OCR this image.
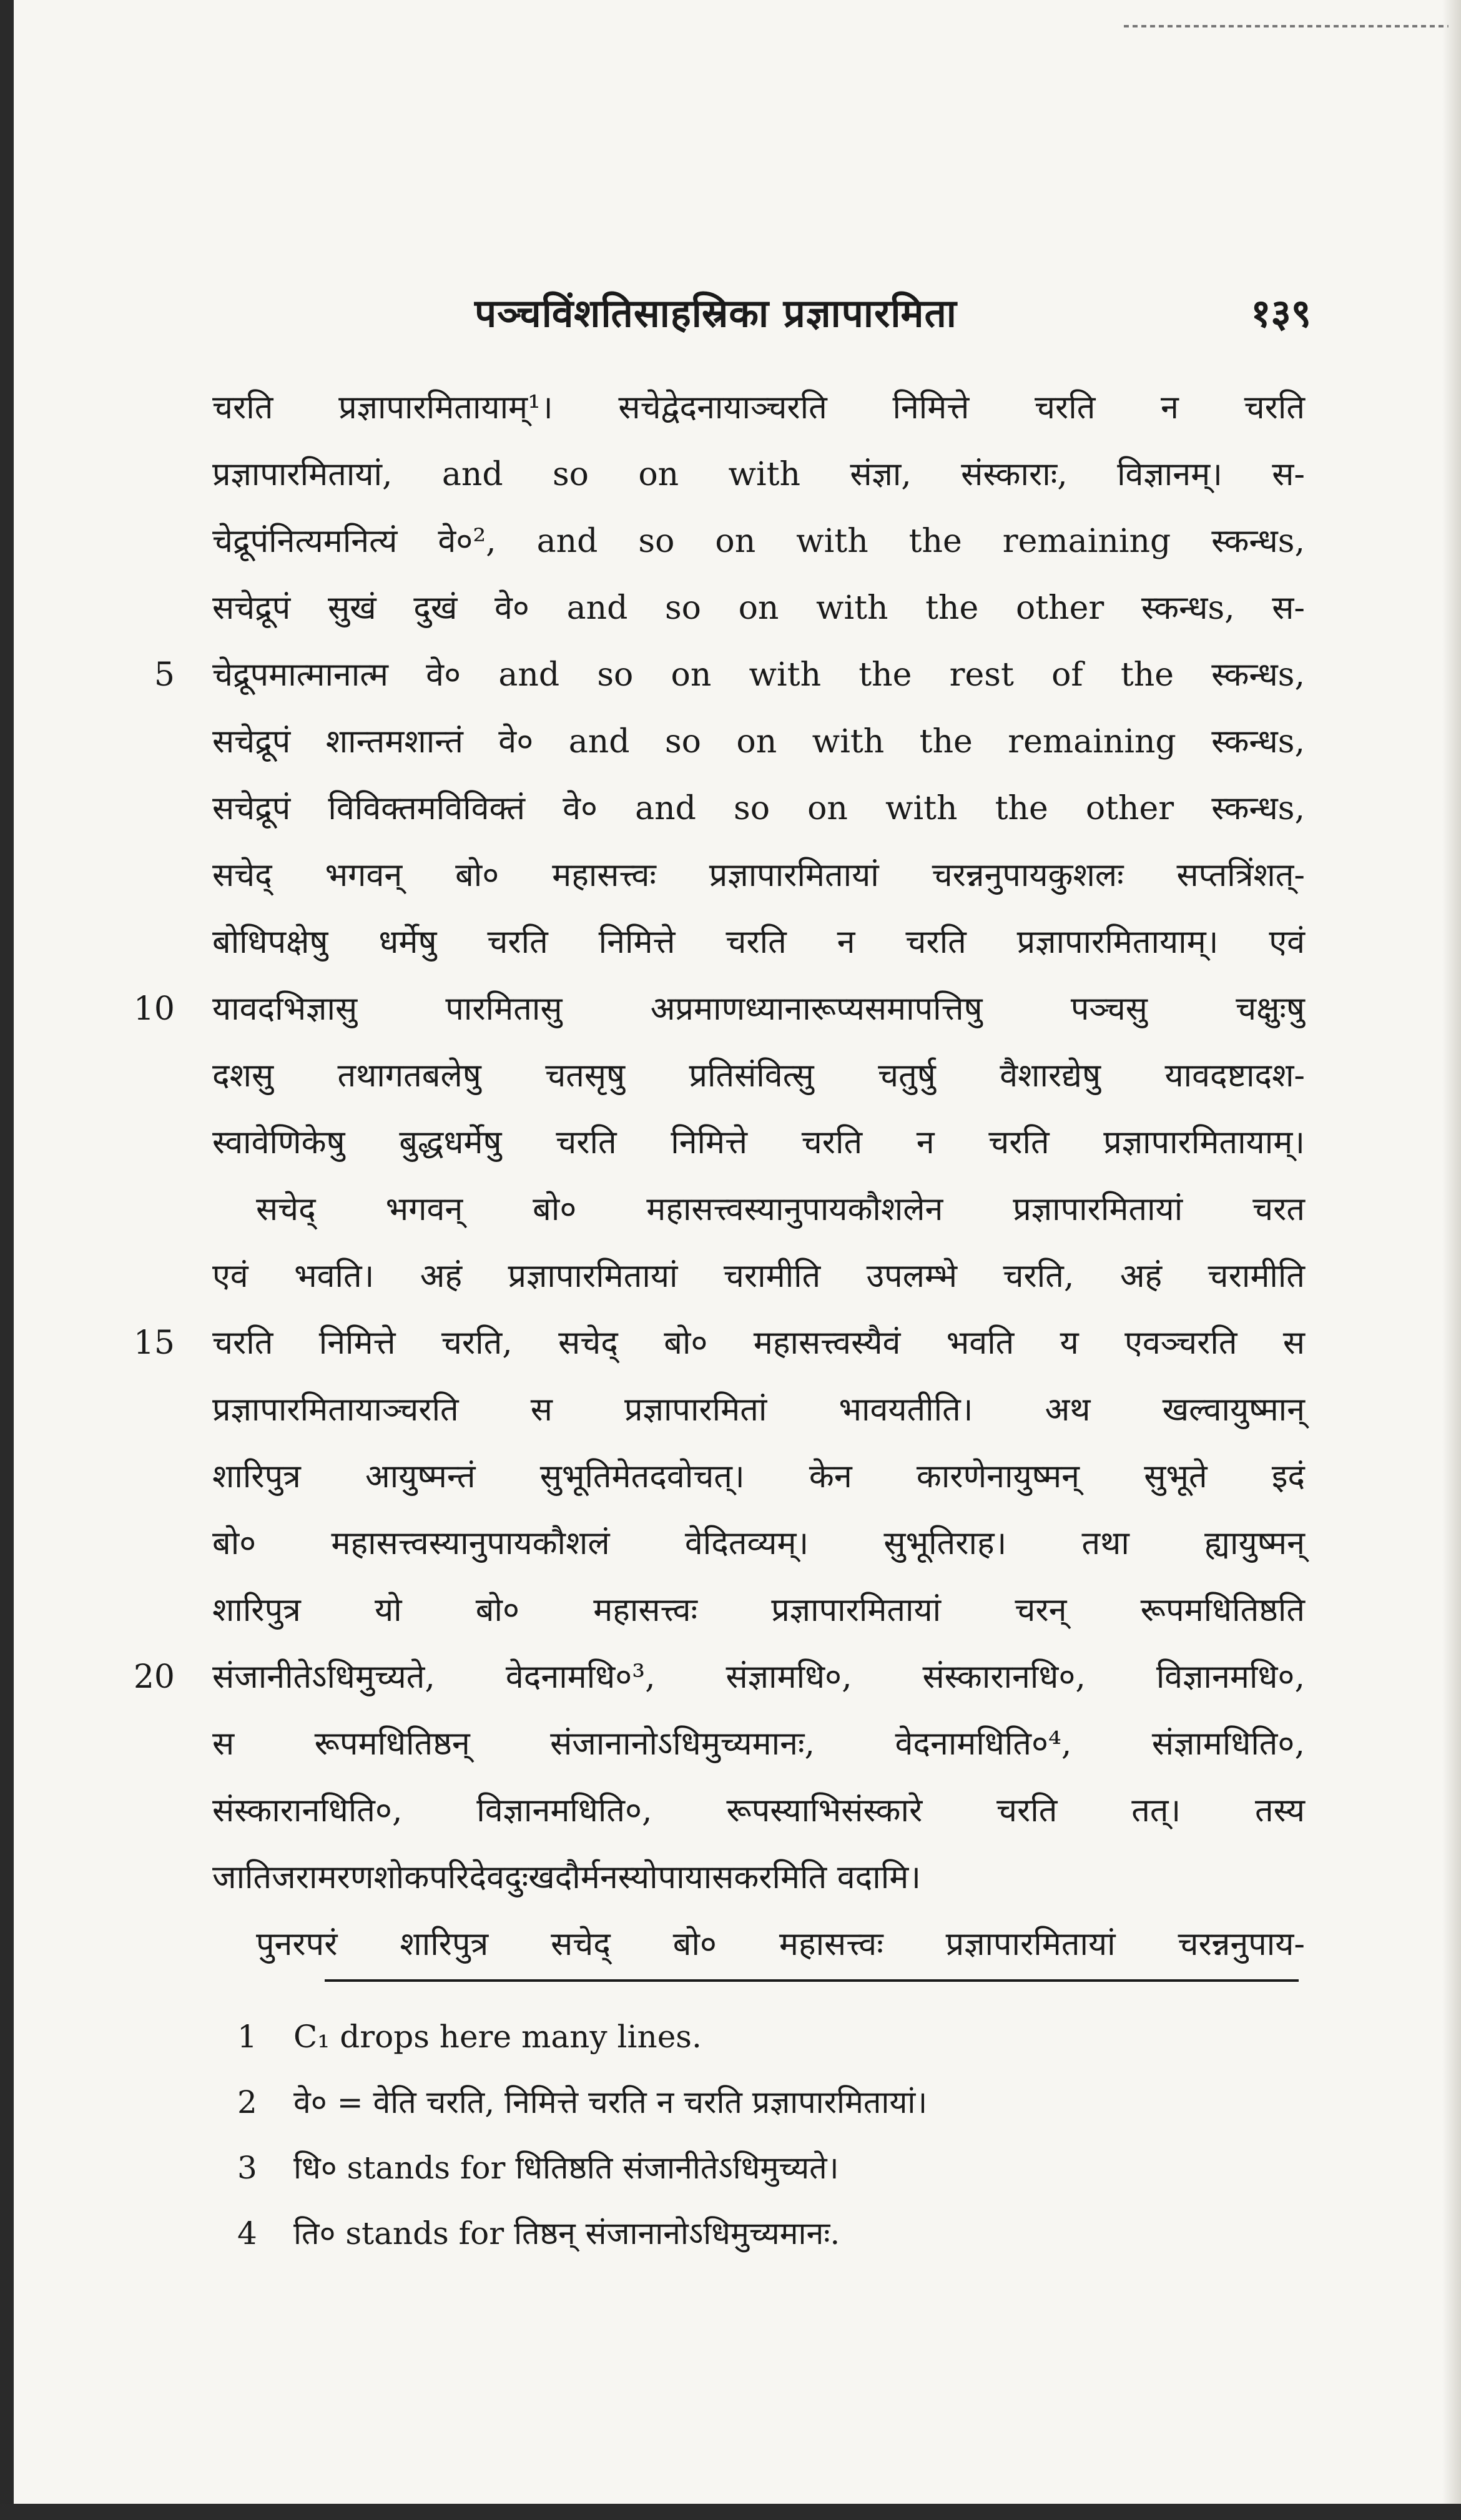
पञ्चविंशतिसाहस्रिका प्रज्ञापारमिता	१३९
चरति प्रज्ञापारमितायाम्¹। सचेद्वेदनायाञ्चरति निमित्ते चरति न चरति
प्रज्ञापारमितायां, and so on with संज्ञा, संस्काराः, विज्ञानम्। स-
चेद्रूपंनित्यमनित्यं वे०², and so on with the remaining स्कन्धs,
सचेद्रूपं सुखं दुखं वे० and so on with the other स्कन्धs, स-
5 चेद्रूपमात्मानात्म वे० and so on with the rest of the स्कन्धs,
सचेद्रूपं शान्तमशान्तं वे० and so on with the remaining स्कन्धs,
सचेद्रूपं विविक्तमविविक्तं वे० and so on with the other स्कन्धs,
सचेद् भगवन् बो० महासत्त्वः प्रज्ञापारमितायां चरन्ननुपायकुशलः सप्तत्रिंशत्-
बोधिपक्षेषु धर्मेषु चरति निमित्ते चरति न चरति प्रज्ञापारमितायाम्। एवं
10 यावदभिज्ञासु पारमितासु अप्रमाणध्यानारूप्यसमापत्तिषु पञ्चसु चक्षुःषु
दशसु तथागतबलेषु चतसृषु प्रतिसंवित्सु चतुर्षु वैशारद्येषु यावदष्टादश-
स्वावेणिकेषु बुद्धधर्मेषु चरति निमित्ते चरति न चरति प्रज्ञापारमितायाम्।
सचेद् भगवन् बो० महासत्त्वस्यानुपायकौशलेन प्रज्ञापारमितायां चरत
एवं भवति। अहं प्रज्ञापारमितायां चरामीति उपलम्भे चरति, अहं चरामीति
15 चरति निमित्ते चरति, सचेद् बो० महासत्त्वस्यैवं भवति य एवञ्चरति स
प्रज्ञापारमितायाञ्चरति स प्रज्ञापारमितां भावयतीति। अथ खल्वायुष्मान्
शारिपुत्र आयुष्मन्तं सुभूतिमेतदवोचत्। केन कारणेनायुष्मन् सुभूते इदं
बो० महासत्त्वस्यानुपायकौशलं वेदितव्यम्। सुभूतिराह। तथा ह्यायुष्मन्
शारिपुत्र यो बो० महासत्त्वः प्रज्ञापारमितायां चरन् रूपमधितिष्ठति
20 संजानीतेऽधिमुच्यते, वेदनामधि०³, संज्ञामधि०, संस्कारानधि०, विज्ञानमधि०,
स रूपमधितिष्ठन् संजानानोऽधिमुच्यमानः, वेदनामधिति०⁴, संज्ञामधिति०,
संस्कारानधिति०, विज्ञानमधिति०, रूपस्याभिसंस्कारे चरति तत्। तस्य
जातिजरामरणशोकपरिदेवदुःखदौर्मनस्योपायासकरमिति वदामि।
पुनरपरं शारिपुत्र सचेद् बो० महासत्त्वः प्रज्ञापारमितायां चरन्ननुपाय-
1 C₁ drops here many lines.
2 वे० = वेति चरति, निमित्ते चरति न चरति प्रज्ञापारमितायां।
3 धि० stands for धितिष्ठति संजानीतेऽधिमुच्यते।
4 ति० stands for तिष्ठन् संजानानोऽधिमुच्यमानः.
